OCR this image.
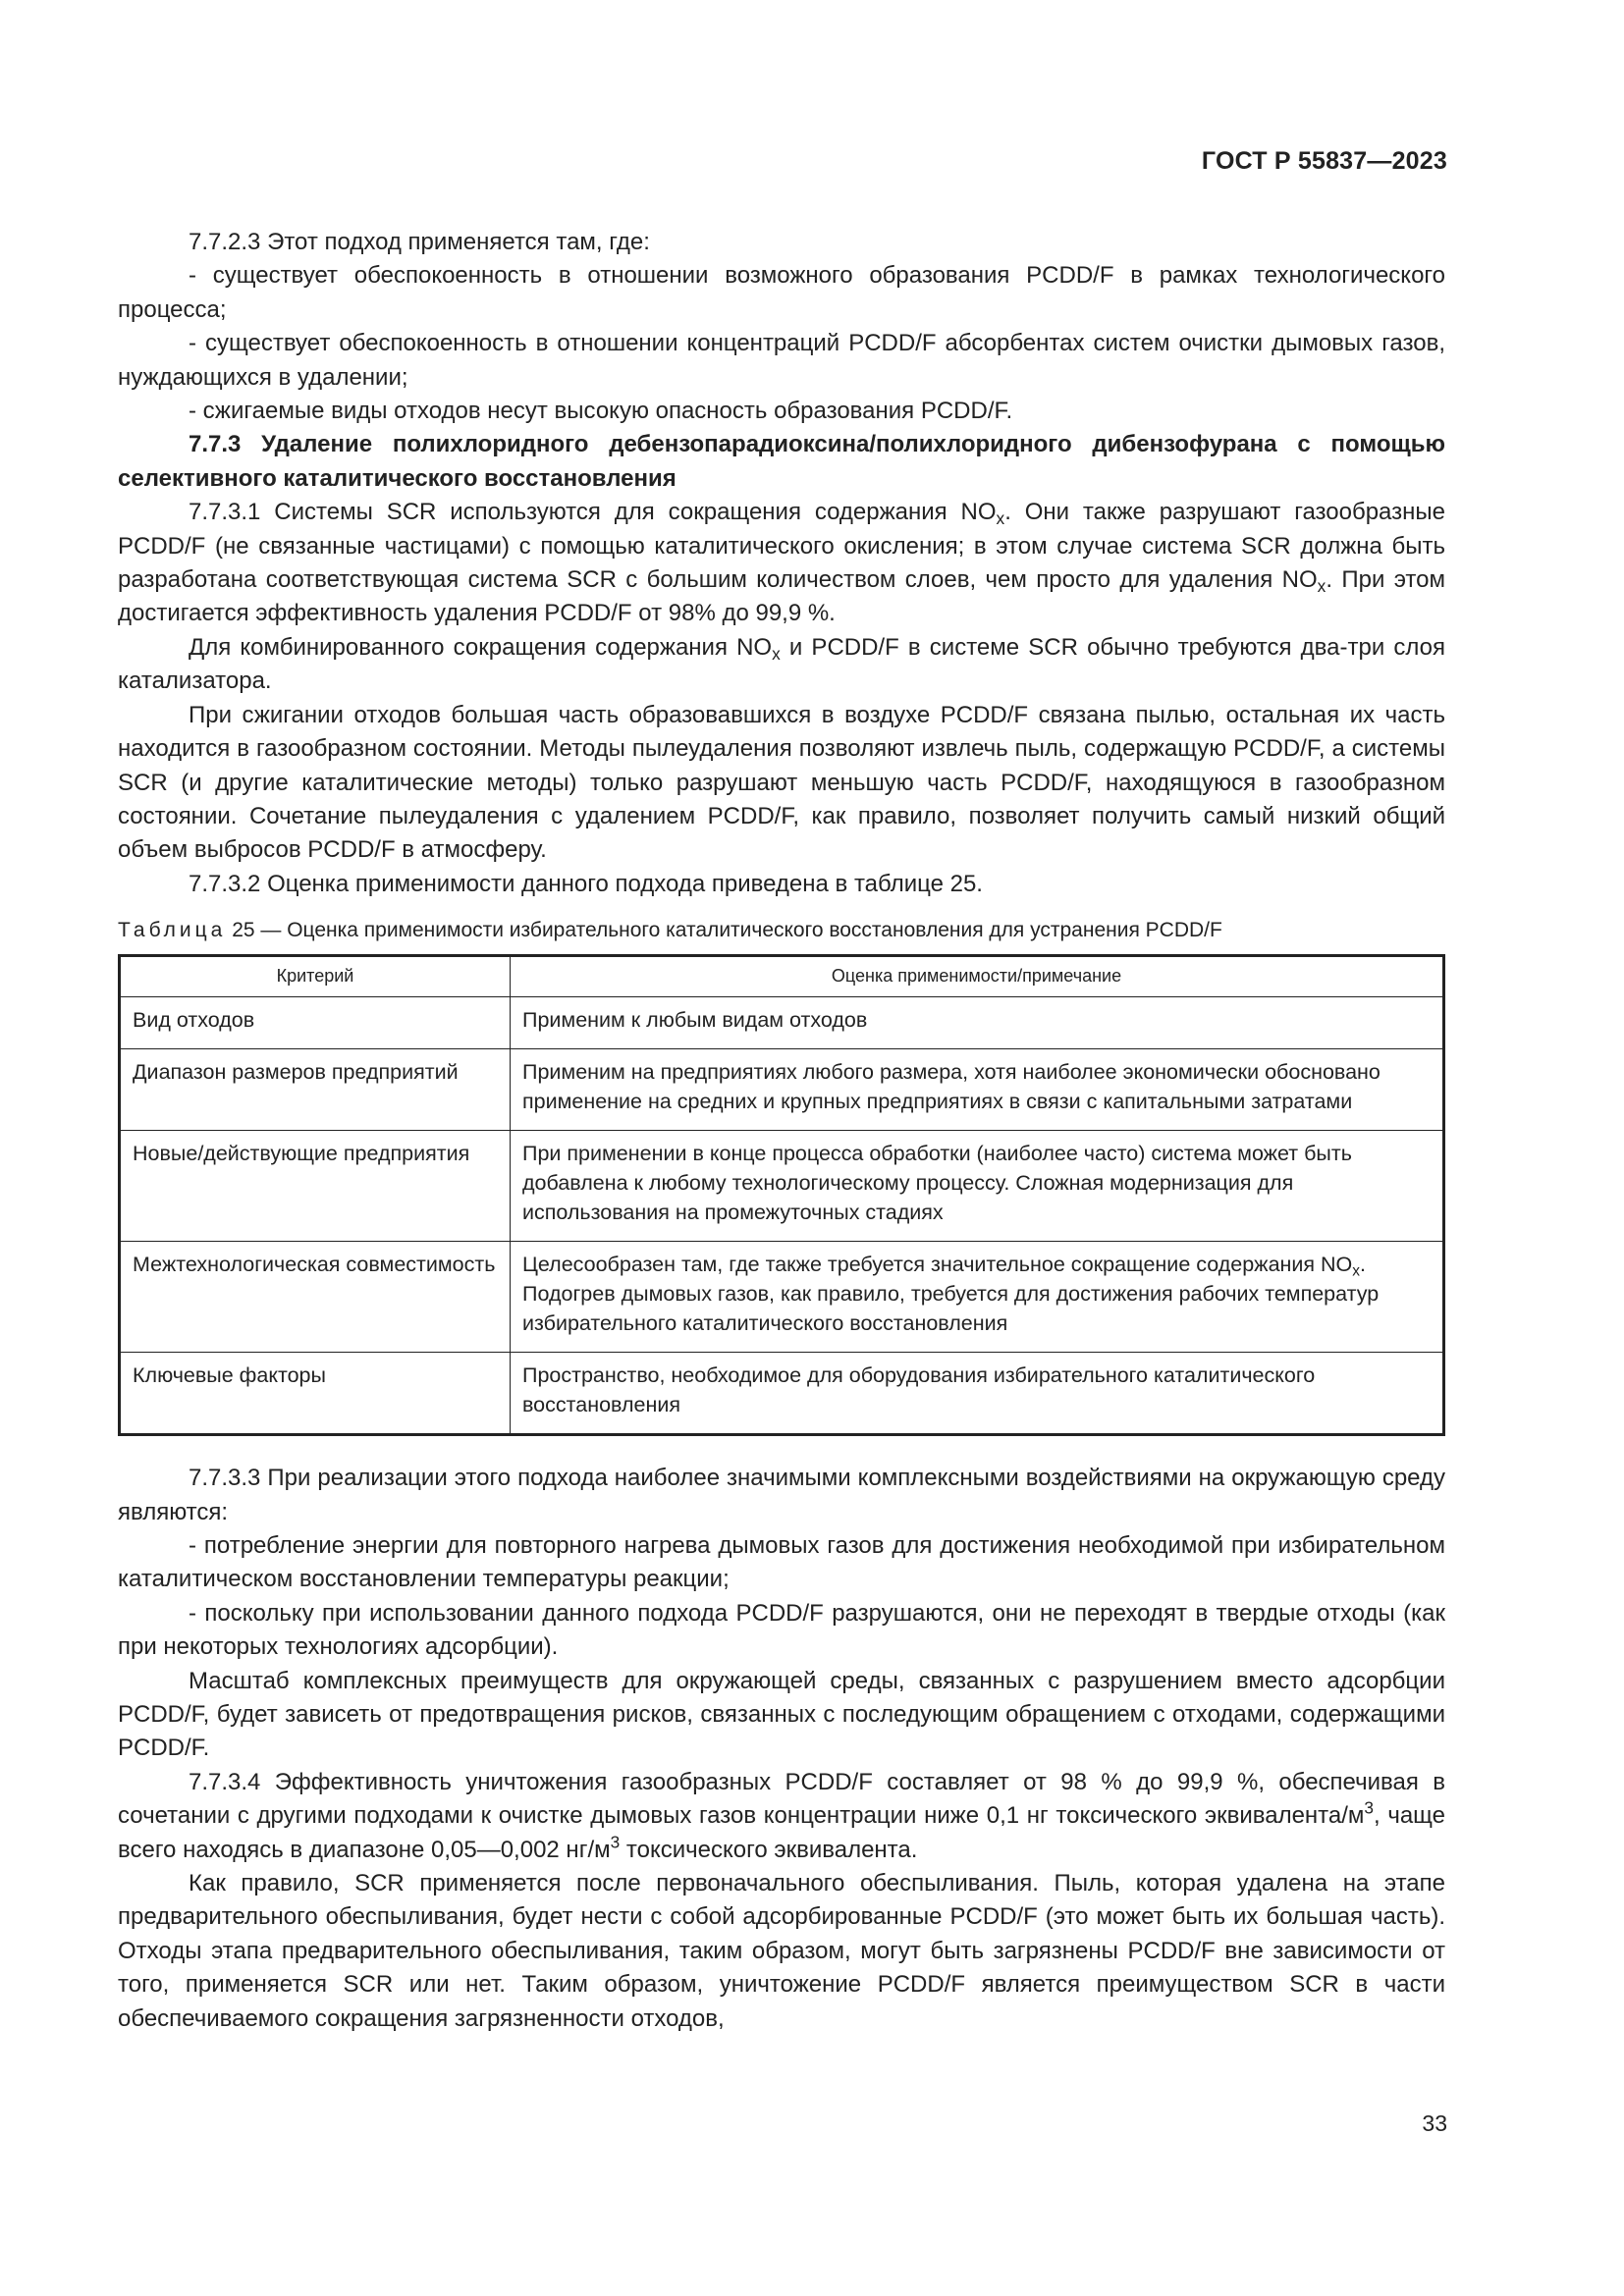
ГОСТ Р 55837—2023

7.7.2.3 Этот подход применяется там, где:

- существует обеспокоенность в отношении возможного образования PCDD/F в рамках технологического процесса;

- существует обеспокоенность в отношении концентраций PCDD/F абсорбентах систем очистки дымовых газов, нуждающихся в удалении;

- сжигаемые виды отходов несут высокую опасность образования PCDD/F.

7.7.3 Удаление полихлоридного дебензопарадиоксина/полихлоридного дибензофурана с помощью селективного каталитического восстановления

7.7.3.1 Системы SCR используются для сокращения содержания $NO_x$. Они также разрушают газообразные PCDD/F (не связанные частицами) с помощью каталитического окисления; в этом случае система SCR должна быть разработана соответствующая система SCR с большим количеством слоев, чем просто для удаления $NO_x$. При этом достигается эффективность удаления PCDD/F от 98% до 99,9 %.

Для комбинированного сокращения содержания $NO_x$ и PCDD/F в системе SCR обычно требуются два-три слоя катализатора.

При сжигании отходов большая часть образовавшихся в воздухе PCDD/F связана пылью, остальная их часть находится в газообразном состоянии. Методы пылеудаления позволяют извлечь пыль, содержащую PCDD/F, а системы SCR (и другие каталитические методы) только разрушают меньшую часть PCDD/F, находящуюся в газообразном состоянии. Сочетание пылеудаления с удалением PCDD/F, как правило, позволяет получить самый низкий общий объем выбросов PCDD/F в атмосферу.

7.7.3.2 Оценка применимости данного подхода приведена в таблице 25.

Таблица 25 — Оценка применимости избирательного каталитического восстановления для устранения PCDD/F
Критерий	Оценка применимости/примечание
Вид отходов	Применим к любым видам отходов
Диапазон размеров предприятий	Применим на предприятиях любого размера, хотя наиболее экономически обосновано применение на средних и крупных предприятиях в связи с капитальными затратами
Новые/действующие предприятия	При применении в конце процесса обработки (наиболее часто) система может быть добавлена к любому технологическому процессу. Сложная модернизация для использования на промежуточных стадиях
Межтехнологическая совместимость	Целесообразен там, где также требуется значительное сокращение содержания $NO_x$. Подогрев дымовых газов, как правило, требуется для достижения рабочих температур избирательного каталитического восстановления
Ключевые факторы	Пространство, необходимое для оборудования избирательного каталитического восстановления

7.7.3.3 При реализации этого подхода наиболее значимыми комплексными воздействиями на окружающую среду являются:

- потребление энергии для повторного нагрева дымовых газов для достижения необходимой при избирательном каталитическом восстановлении температуры реакции;

- поскольку при использовании данного подхода PCDD/F разрушаются, они не переходят в твердые отходы (как при некоторых технологиях адсорбции).

Масштаб комплексных преимуществ для окружающей среды, связанных с разрушением вместо адсорбции PCDD/F, будет зависеть от предотвращения рисков, связанных с последующим обращением с отходами, содержащими PCDD/F.

7.7.3.4 Эффективность уничтожения газообразных PCDD/F составляет от 98 % до 99,9 %, обеспечивая в сочетании с другими подходами к очистке дымовых газов концентрации ниже 0,1 нг токсического эквивалента/$м^3$, чаще всего находясь в диапазоне 0,05—0,002 $нг/м^3$ токсического эквивалента.

Как правило, SCR применяется после первоначального обеспыливания. Пыль, которая удалена на этапе предварительного обеспыливания, будет нести с собой адсорбированные PCDD/F (это может быть их большая часть). Отходы этапа предварительного обеспыливания, таким образом, могут быть загрязнены PCDD/F вне зависимости от того, применяется SCR или нет. Таким образом, уничтожение PCDD/F является преимуществом SCR в части обеспечиваемого сокращения загрязненности отходов,

33
